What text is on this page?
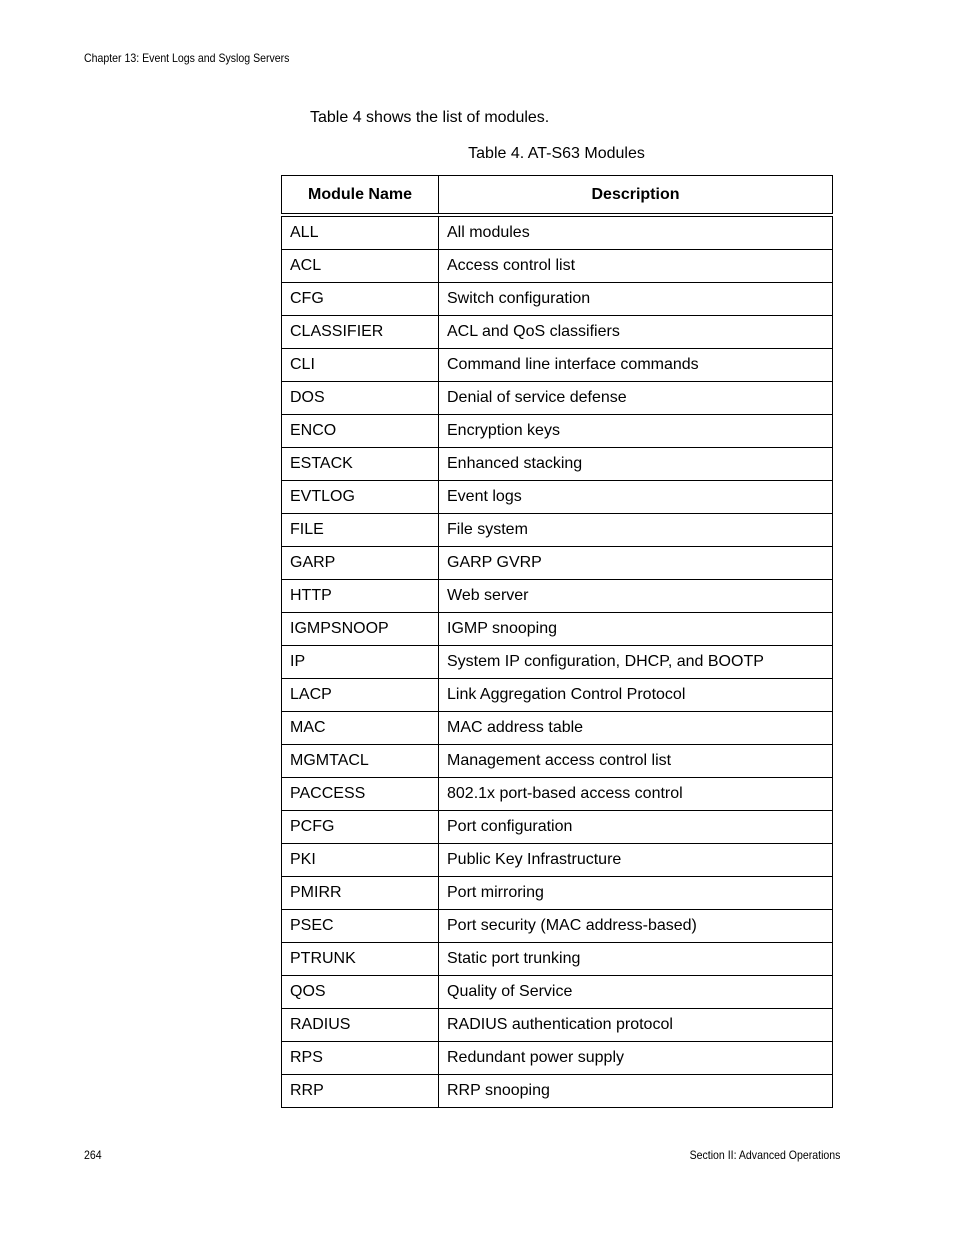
Chapter 13: Event Logs and Syslog Servers
Table 4 shows the list of modules.
Table 4. AT-S63 Modules
Module Name	Description
ALL	All modules
ACL	Access control list
CFG	Switch configuration
CLASSIFIER	ACL and QoS classifiers
CLI	Command line interface commands
DOS	Denial of service defense
ENCO	Encryption keys
ESTACK	Enhanced stacking
EVTLOG	Event logs
FILE	File system
GARP	GARP GVRP
HTTP	Web server
IGMPSNOOP	IGMP snooping
IP	System IP configuration, DHCP, and BOOTP
LACP	Link Aggregation Control Protocol
MAC	MAC address table
MGMTACL	Management access control list
PACCESS	802.1x port-based access control
PCFG	Port configuration
PKI	Public Key Infrastructure
PMIRR	Port mirroring
PSEC	Port security (MAC address-based)
PTRUNK	Static port trunking
QOS	Quality of Service
RADIUS	RADIUS authentication protocol
RPS	Redundant power supply
RRP	RRP snooping
264	Section II: Advanced Operations
